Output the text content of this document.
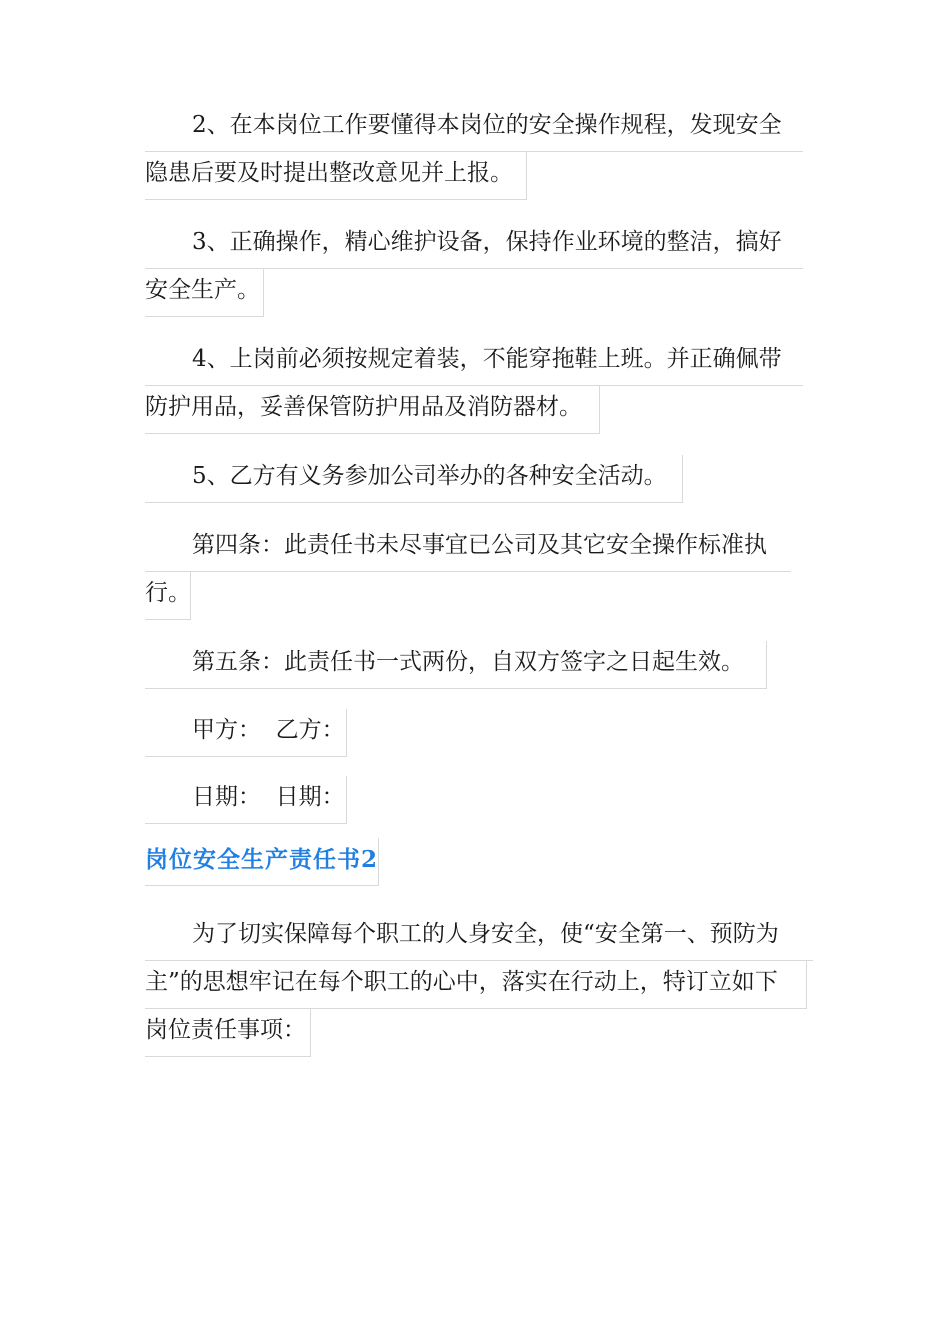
2、在本岗位工作要懂得本岗位的安全操作规程，发现安全
隐患后要及时提出整改意见并上报。
3、正确操作，精心维护设备，保持作业环境的整洁，搞好
安全生产。
4、上岗前必须按规定着装，不能穿拖鞋上班。并正确佩带
防护用品，妥善保管防护用品及消防器材。
5、乙方有义务参加公司举办的各种安全活动。
第四条：此责任书未尽事宜已公司及其它安全操作标准执
行。
第五条：此责任书一式两份，自双方签字之日起生效。
甲方：  乙方：
日期：  日期：
岗位安全生产责任书2
为了切实保障每个职工的人身安全，使“安全第一、预防为
主”的思想牢记在每个职工的心中，落实在行动上，特订立如下
岗位责任事项：
